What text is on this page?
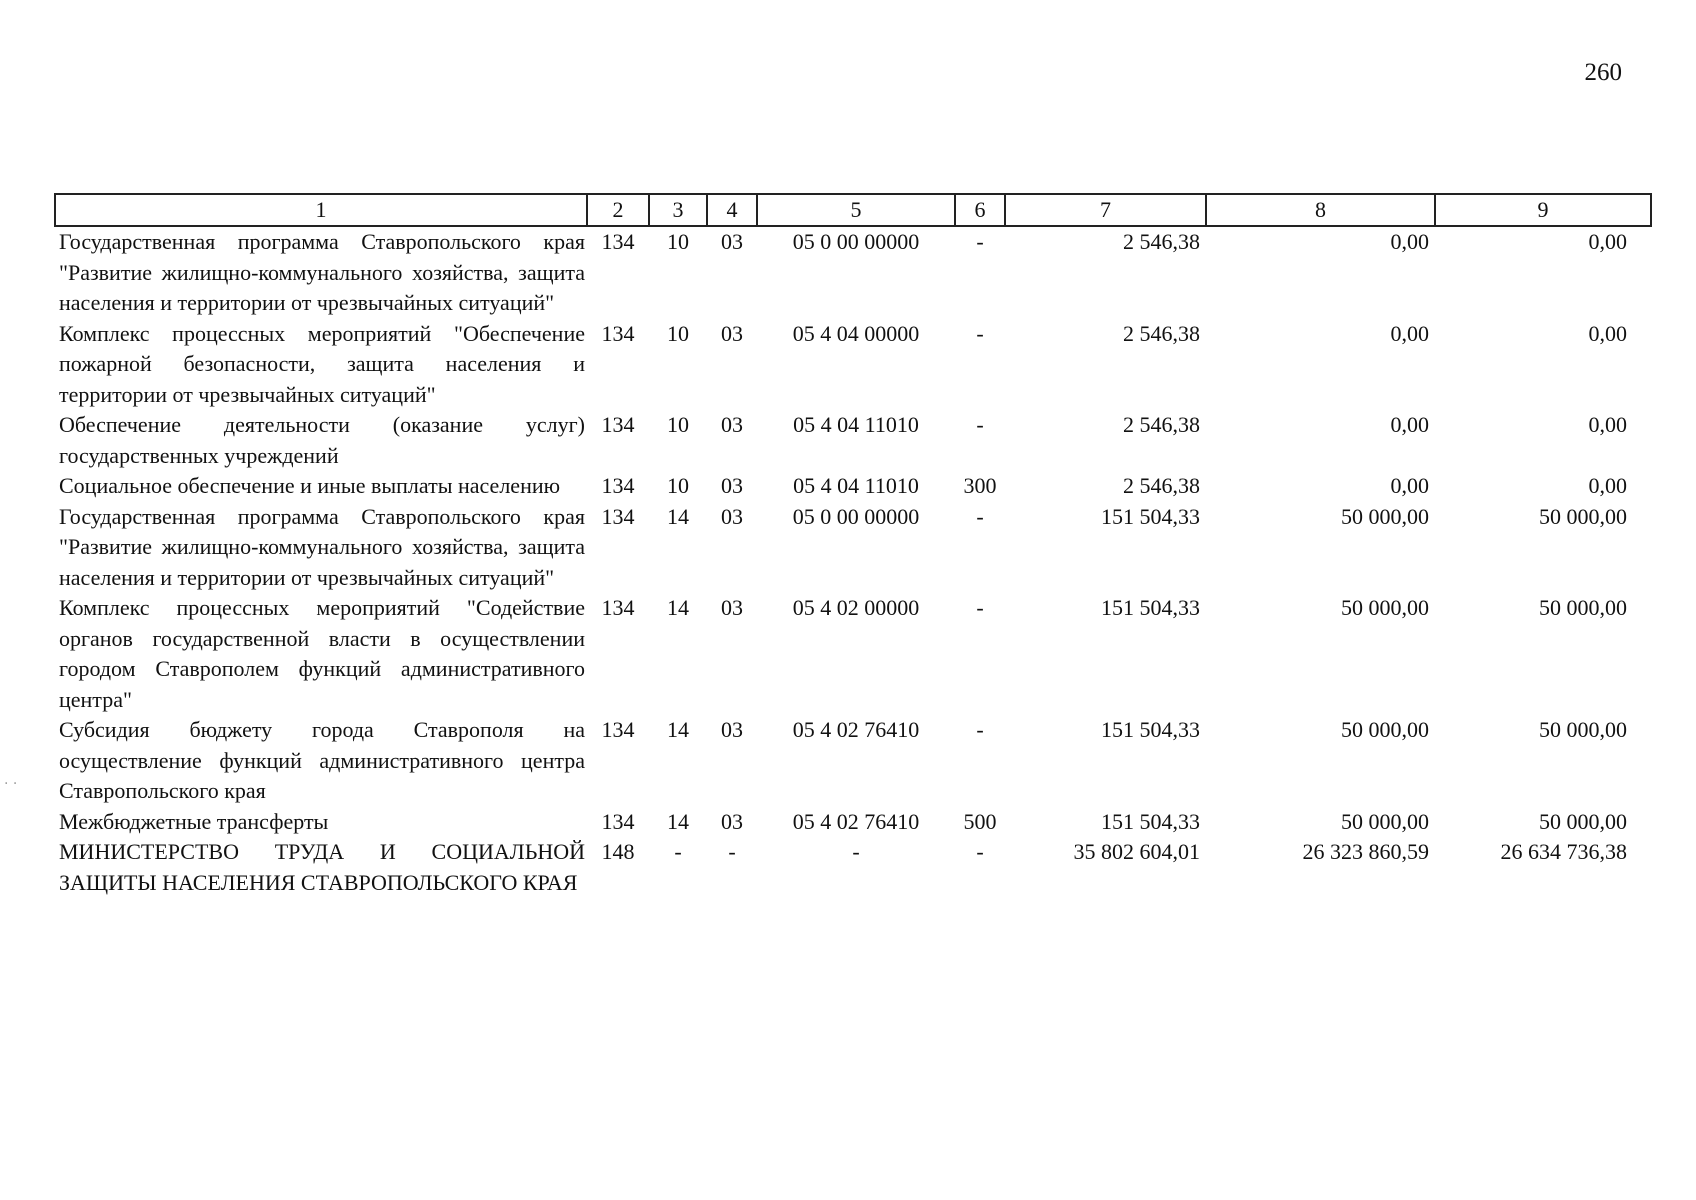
260
1	2	3	4	5	6	7	8	9
Государственная программа Ставропольского края "Развитие жилищно-коммунального хозяйства, защита населения и территории от чрезвычайных ситуаций"	134	10	03	05 0 00 00000	-	2 546,38	0,00	0,00
Комплекс процессных мероприятий "Обеспечение пожарной безопасности, защита населения и территории от чрезвычайных ситуаций"	134	10	03	05 4 04 00000	-	2 546,38	0,00	0,00
Обеспечение деятельности (оказание услуг) государственных учреждений	134	10	03	05 4 04 11010	-	2 546,38	0,00	0,00
Социальное обеспечение и иные выплаты населению	134	10	03	05 4 04 11010	300	2 546,38	0,00	0,00
Государственная программа Ставропольского края "Развитие жилищно-коммунального хозяйства, защита населения и территории от чрезвычайных ситуаций"	134	14	03	05 0 00 00000	-	151 504,33	50 000,00	50 000,00
Комплекс процессных мероприятий "Содействие органов государственной власти в осуществлении городом Ставрополем функций административного центра"	134	14	03	05 4 02 00000	-	151 504,33	50 000,00	50 000,00
Субсидия бюджету города Ставрополя на осуществление функций административного центра Ставропольского края	134	14	03	05 4 02 76410	-	151 504,33	50 000,00	50 000,00
Межбюджетные трансферты	134	14	03	05 4 02 76410	500	151 504,33	50 000,00	50 000,00
МИНИСТЕРСТВО ТРУДА И СОЦИАЛЬНОЙ ЗАЩИТЫ НАСЕЛЕНИЯ СТАВРОПОЛЬСКОГО КРАЯ	148	-	-	-	-	35 802 604,01	26 323 860,59	26 634 736,38
· ·
